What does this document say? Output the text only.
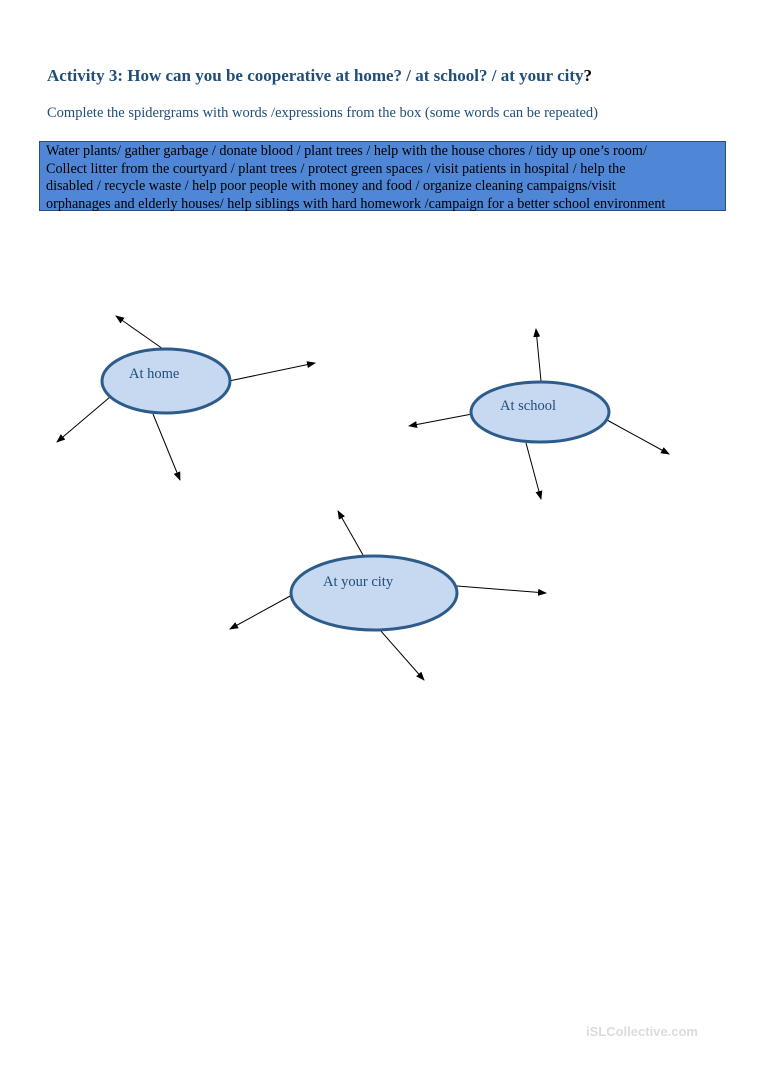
Activity 3: How can you be cooperative at home? / at school? / at your city?
Complete the spidergrams with words /expressions from the box (some words can be repeated)
Water plants/ gather garbage / donate blood / plant trees / help with the house chores / tidy up one’s room/
Collect litter from the courtyard / plant trees / protect green spaces / visit patients in hospital / help the
disabled / recycle waste / help poor people with money and food / organize cleaning campaigns/visit
orphanages and elderly houses/ help siblings with hard homework /campaign for a better school environment
At home
At school
At your city
iSLCollective.com
